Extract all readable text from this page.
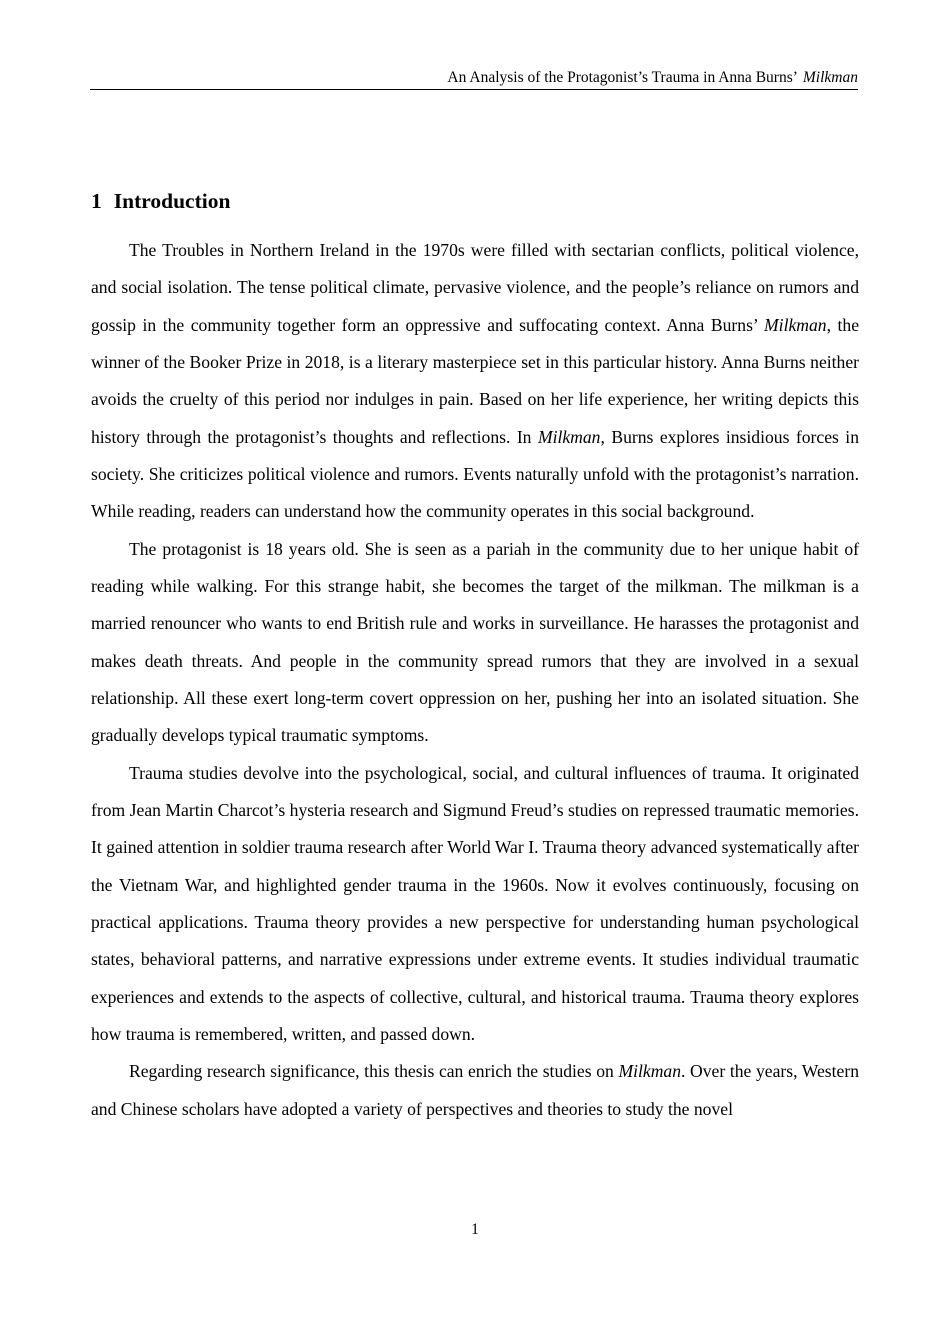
An Analysis of the Protagonist’s Trauma in Anna Burns’ Milkman
1 Introduction

The Troubles in Northern Ireland in the 1970s were filled with sectarian conflicts, political violence, and social isolation. The tense political climate, pervasive violence, and the people’s reliance on rumors and gossip in the community together form an oppressive and suffocating context. Anna Burns’ Milkman, the winner of the Booker Prize in 2018, is a literary masterpiece set in this particular history. Anna Burns neither avoids the cruelty of this period nor indulges in pain. Based on her life experience, her writing depicts this history through the protagonist’s thoughts and reflections. In Milkman, Burns explores insidious forces in society. She criticizes political violence and rumors. Events naturally unfold with the protagonist’s narration. While reading, readers can understand how the community operates in this social background.

The protagonist is 18 years old. She is seen as a pariah in the community due to her unique habit of reading while walking. For this strange habit, she becomes the target of the milkman. The milkman is a married renouncer who wants to end British rule and works in surveillance. He harasses the protagonist and makes death threats. And people in the community spread rumors that they are involved in a sexual relationship. All these exert long-term covert oppression on her, pushing her into an isolated situation. She gradually develops typical traumatic symptoms.

Trauma studies devolve into the psychological, social, and cultural influences of trauma. It originated from Jean Martin Charcot’s hysteria research and Sigmund Freud’s studies on repressed traumatic memories. It gained attention in soldier trauma research after World War I. Trauma theory advanced systematically after the Vietnam War, and highlighted gender trauma in the 1960s. Now it evolves continuously, focusing on practical applications. Trauma theory provides a new perspective for understanding human psychological states, behavioral patterns, and narrative expressions under extreme events. It studies individual traumatic experiences and extends to the aspects of collective, cultural, and historical trauma. Trauma theory explores how trauma is remembered, written, and passed down.

Regarding research significance, this thesis can enrich the studies on Milkman. Over the years, Western and Chinese scholars have adopted a variety of perspectives and theories to study the novel

1
